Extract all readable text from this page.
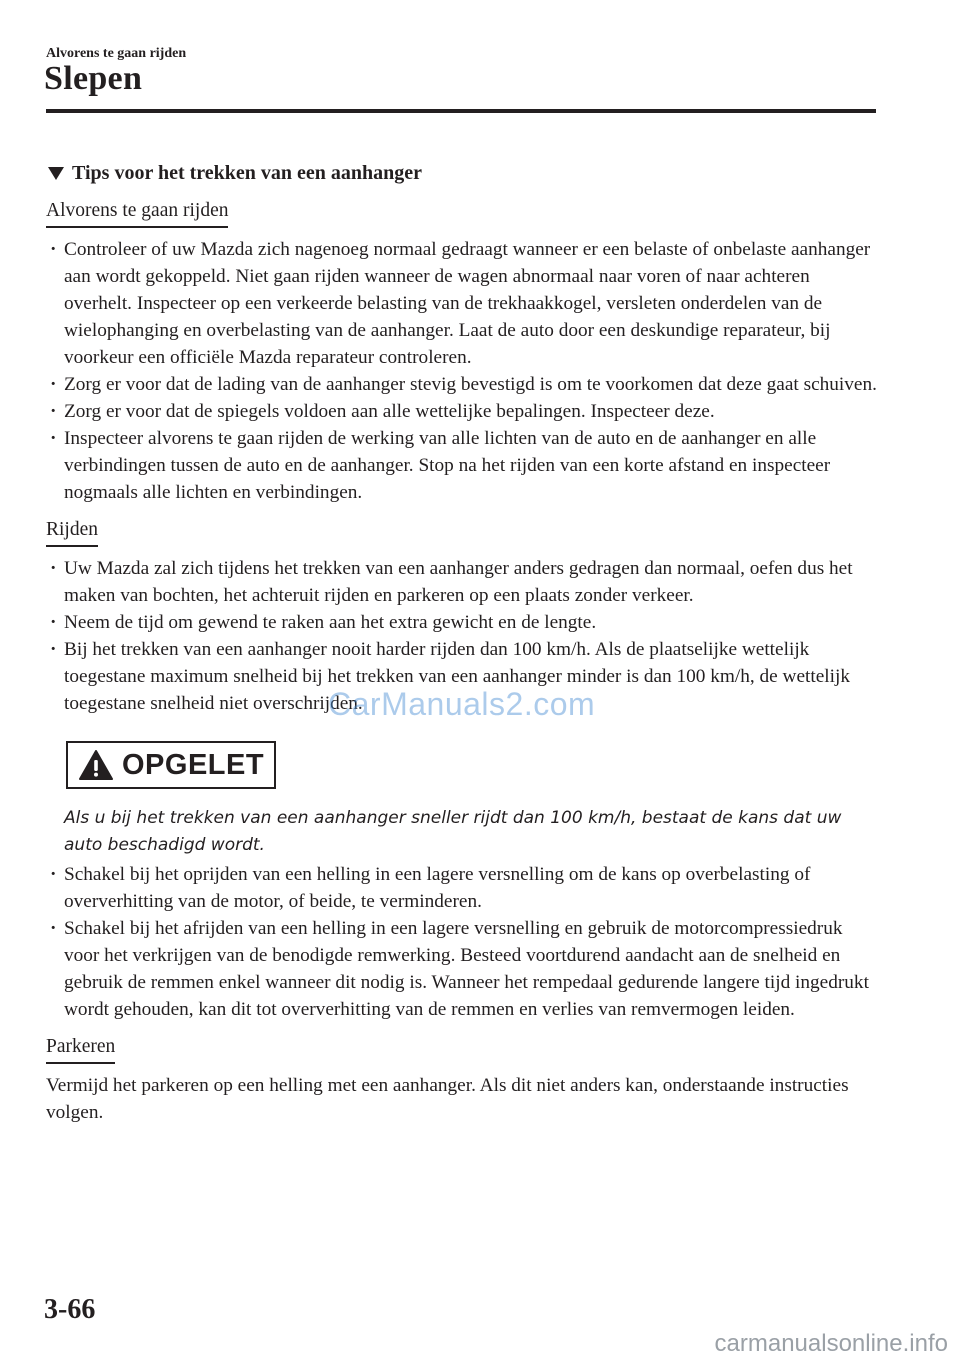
Alvorens te gaan rijden
Slepen
Tips voor het trekken van een aanhanger
Alvorens te gaan rijden
· Controleer of uw Mazda zich nagenoeg normaal gedraagt wanneer er een belaste of onbelaste aanhanger aan wordt gekoppeld. Niet gaan rijden wanneer de wagen abnormaal naar voren of naar achteren overhelt. Inspecteer op een verkeerde belasting van de trekhaakkogel, versleten onderdelen van de wielophanging en overbelasting van de aanhanger. Laat de auto door een deskundige reparateur, bij voorkeur een officiële Mazda reparateur controleren.
· Zorg er voor dat de lading van de aanhanger stevig bevestigd is om te voorkomen dat deze gaat schuiven.
· Zorg er voor dat de spiegels voldoen aan alle wettelijke bepalingen. Inspecteer deze.
· Inspecteer alvorens te gaan rijden de werking van alle lichten van de auto en de aanhanger en alle verbindingen tussen de auto en de aanhanger. Stop na het rijden van een korte afstand en inspecteer nogmaals alle lichten en verbindingen.
Rijden
· Uw Mazda zal zich tijdens het trekken van een aanhanger anders gedragen dan normaal, oefen dus het maken van bochten, het achteruit rijden en parkeren op een plaats zonder verkeer.
· Neem de tijd om gewend te raken aan het extra gewicht en de lengte.
· Bij het trekken van een aanhanger nooit harder rijden dan 100 km/h. Als de plaatselijke wettelijk toegestane maximum snelheid bij het trekken van een aanhanger minder is dan 100 km/h, de wettelijk toegestane snelheid niet overschrijden.
OPGELET
Als u bij het trekken van een aanhanger sneller rijdt dan 100 km/h, bestaat de kans dat uw auto beschadigd wordt.
· Schakel bij het oprijden van een helling in een lagere versnelling om de kans op overbelasting of oververhitting van de motor, of beide, te verminderen.
· Schakel bij het afrijden van een helling in een lagere versnelling en gebruik de motorcompressiedruk voor het verkrijgen van de benodigde remwerking. Besteed voortdurend aandacht aan de snelheid en gebruik de remmen enkel wanneer dit nodig is. Wanneer het rempedaal gedurende langere tijd ingedrukt wordt gehouden, kan dit tot oververhitting van de remmen en verlies van remvermogen leiden.
Parkeren

Vermijd het parkeren op een helling met een aanhanger. Als dit niet anders kan, onderstaande instructies volgen.

CarManuals2.com
3-66
carmanualsonline.info
